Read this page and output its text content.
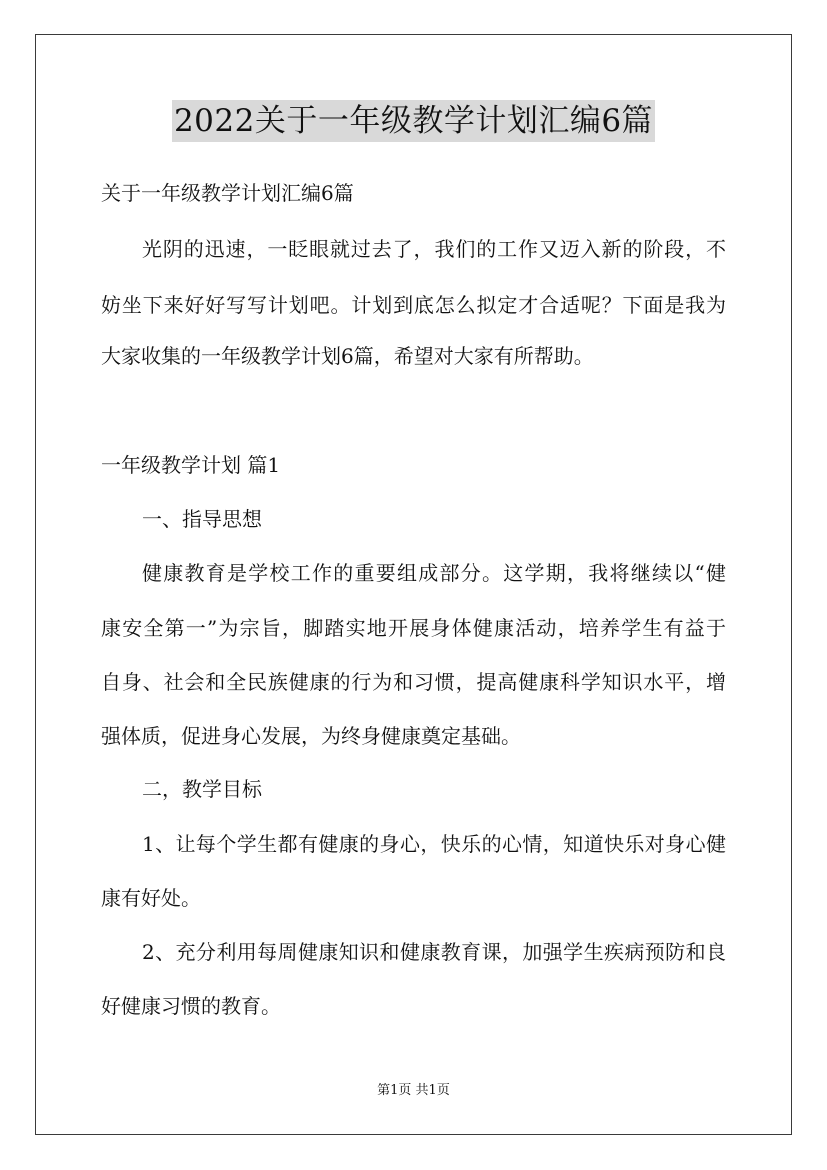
2022关于一年级教学计划汇编6篇
关于一年级教学计划汇编6篇
光阴的迅速，一眨眼就过去了，我们的工作又迈入新的阶段，不
妨坐下来好好写写计划吧。计划到底怎么拟定才合适呢？下面是我为
大家收集的一年级教学计划6篇，希望对大家有所帮助。
一年级教学计划 篇1
一、指导思想
健康教育是学校工作的重要组成部分。这学期，我将继续以“健
康安全第一”为宗旨，脚踏实地开展身体健康活动，培养学生有益于
自身、社会和全民族健康的行为和习惯，提高健康科学知识水平，增
强体质，促进身心发展，为终身健康奠定基础。
二，教学目标
1、让每个学生都有健康的身心，快乐的心情，知道快乐对身心健
康有好处。
2、充分利用每周健康知识和健康教育课，加强学生疾病预防和良
好健康习惯的教育。
第1页 共1页
